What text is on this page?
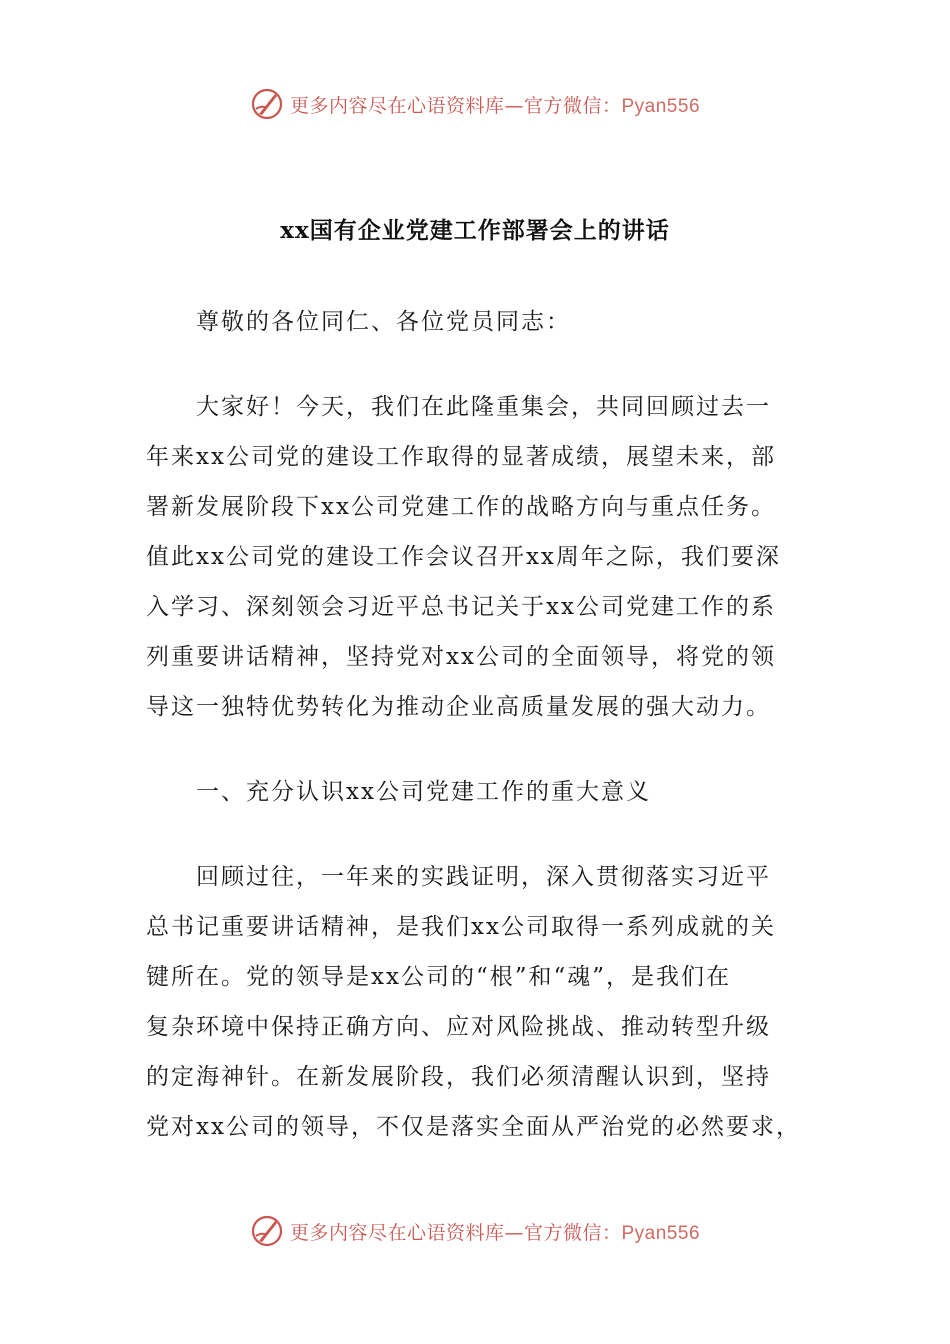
更多内容尽在心语资料库—官方微信：Pyan556
xx国有企业党建工作部署会上的讲话
尊敬的各位同仁、各位党员同志：
大家好！今天，我们在此隆重集会，共同回顾过去一
年来xx公司党的建设工作取得的显著成绩，展望未来，部
署新发展阶段下xx公司党建工作的战略方向与重点任务。
值此xx公司党的建设工作会议召开xx周年之际，我们要深
入学习、深刻领会习近平总书记关于xx公司党建工作的系
列重要讲话精神，坚持党对xx公司的全面领导，将党的领
导这一独特优势转化为推动企业高质量发展的强大动力。
一、充分认识xx公司党建工作的重大意义
回顾过往，一年来的实践证明，深入贯彻落实习近平
总书记重要讲话精神，是我们xx公司取得一系列成就的关
键所在。党的领导是xx公司的“根”和“魂”，是我们在
复杂环境中保持正确方向、应对风险挑战、推动转型升级
的定海神针。在新发展阶段，我们必须清醒认识到，坚持
党对xx公司的领导，不仅是落实全面从严治党的必然要求，
更多内容尽在心语资料库—官方微信：Pyan556
